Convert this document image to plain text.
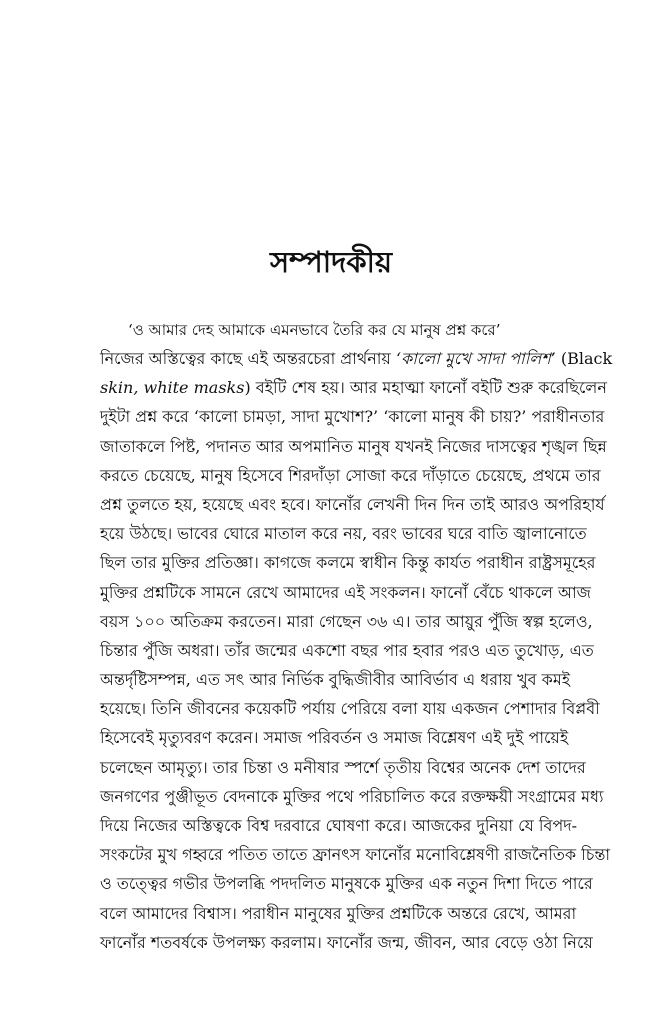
সম্পাদকীয়
‘ও আমার দেহ আমাকে এমনভাবে তৈরি কর যে মানুষ প্রশ্ন করে’

নিজের অস্তিত্বের কাছে এই অন্তরচেরা প্রার্থনায় ‘কালো মুখে সাদা পালিশ’ (Black
skin, white masks) বইটি শেষ হয়। আর মহাত্মা ফানোঁ বইটি শুরু করেছিলেন
দুইটা প্রশ্ন করে ‘কালো চামড়া, সাদা মুখোশ?’ ‘কালো মানুষ কী চায়?’ পরাধীনতার
জাতাকলে পিষ্ট, পদানত আর অপমানিত মানুষ যখনই নিজের দাসত্বের শৃঙ্খল ছিন্ন
করতে চেয়েছে, মানুষ হিসেবে শিরদাঁড়া সোজা করে দাঁড়াতে চেয়েছে, প্রথমে তার
প্রশ্ন তুলতে হয়, হয়েছে এবং হবে। ফানোঁর লেখনী দিন দিন তাই আরও অপরিহার্য
হয়ে উঠছে। ভাবের ঘোরে মাতাল করে নয়, বরং ভাবের ঘরে বাতি জ্বালানোতে
ছিল তার মুক্তির প্রতিজ্ঞা। কাগজে কলমে স্বাধীন কিন্তু কার্যত পরাধীন রাষ্ট্রসমূহের
মুক্তির প্রশ্নটিকে সামনে রেখে আমাদের এই সংকলন। ফানোঁ বেঁচে থাকলে আজ
বয়স ১০০ অতিক্রম করতেন। মারা গেছেন ৩৬ এ। তার আয়ুর পুঁজি স্বল্প হলেও,
চিন্তার পুঁজি অধরা। তাঁর জন্মের একশো বছর পার হবার পরও এত তুখোড়, এত
অন্তর্দৃষ্টিসম্পন্ন, এত সৎ আর নির্ভিক বুদ্ধিজীবীর আবির্ভাব এ ধরায় খুব কমই
হয়েছে। তিনি জীবনের কয়েকটি পর্যায় পেরিয়ে বলা যায় একজন পেশাদার বিপ্লবী
হিসেবেই মৃত্যুবরণ করেন। সমাজ পরিবর্তন ও সমাজ বিশ্লেষণ এই দুই পায়েই
চলেছেন আমৃত্যু। তার চিন্তা ও মনীষার স্পর্শে তৃতীয় বিশ্বের অনেক দেশ তাদের
জনগণের পুঞ্জীভূত বেদনাকে মুক্তির পথে পরিচালিত করে রক্তক্ষয়ী সংগ্রামের মধ্য
দিয়ে নিজের অস্তিত্বকে বিশ্ব দরবারে ঘোষণা করে। আজকের দুনিয়া যে বিপদ-
সংকটের মুখ গহ্বরে পতিত তাতে ফ্রানৎস ফানোঁর মনোবিশ্লেষণী রাজনৈতিক চিন্তা
ও তত্ত্বের গভীর উপলব্ধি পদদলিত মানুষকে মুক্তির এক নতুন দিশা দিতে পারে
বলে আমাদের বিশ্বাস। পরাধীন মানুষের মুক্তির প্রশ্নটিকে অন্তরে রেখে, আমরা
ফানোঁর শতবর্ষকে উপলক্ষ্য করলাম। ফানোঁর জন্ম, জীবন, আর বেড়ে ওঠা নিয়ে
